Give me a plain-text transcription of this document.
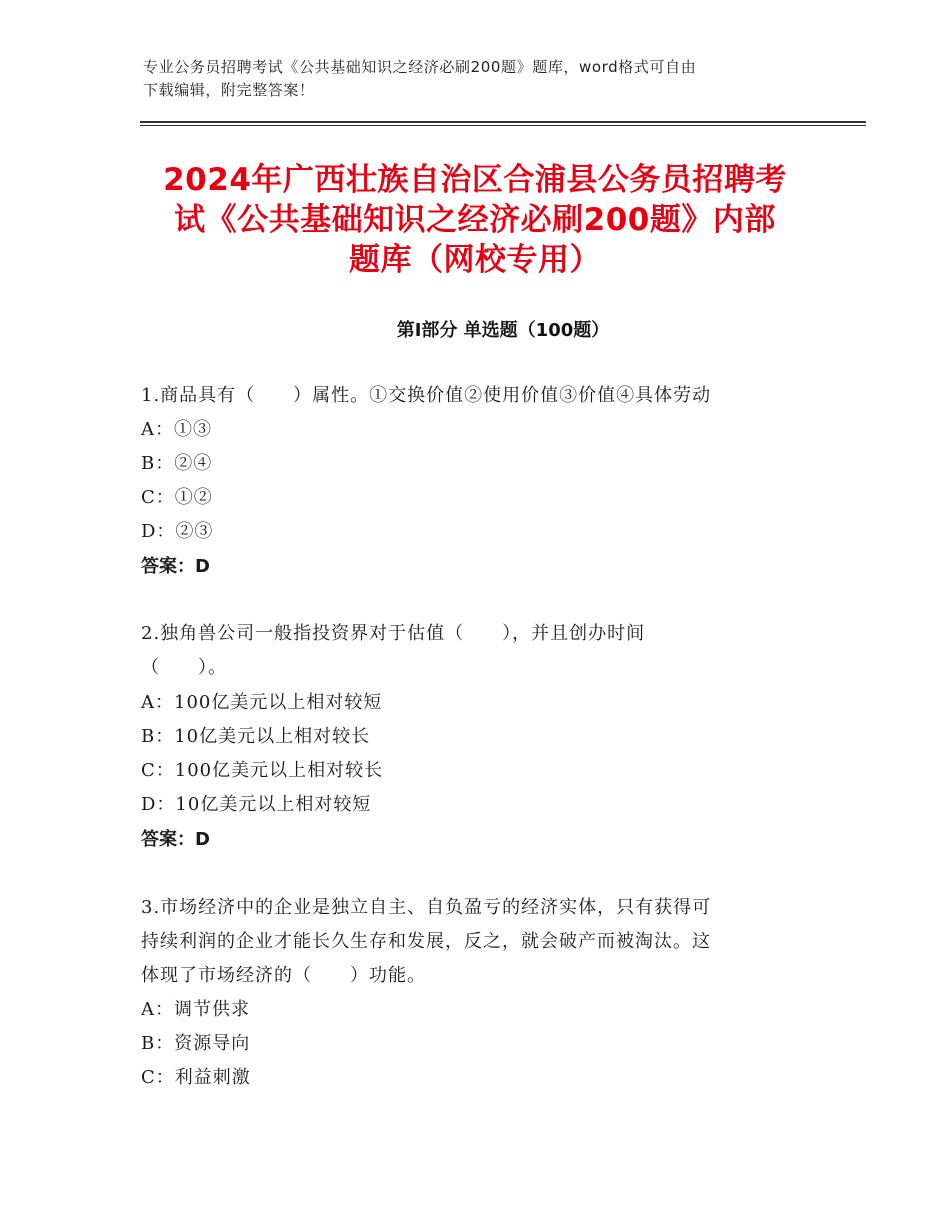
专业公务员招聘考试《公共基础知识之经济必刷200题》题库，word格式可自由
下载编辑，附完整答案！
2024年广西壮族自治区合浦县公务员招聘考
试《公共基础知识之经济必刷200题》内部
题库（网校专用）
第Ⅰ部分 单选题（100题）
1.商品具有（　　）属性。①交换价值②使用价值③价值④具体劳动
A：①③
B：②④
C：①②
D：②③
答案：D
2.独角兽公司一般指投资界对于估值（　　），并且创办时间
（　　）。
A：100亿美元以上相对较短
B：10亿美元以上相对较长
C：100亿美元以上相对较长
D：10亿美元以上相对较短
答案：D
3.市场经济中的企业是独立自主、自负盈亏的经济实体，只有获得可
持续利润的企业才能长久生存和发展，反之，就会破产而被淘汰。这
体现了市场经济的（　　）功能。
A：调节供求
B：资源导向
C：利益刺激
